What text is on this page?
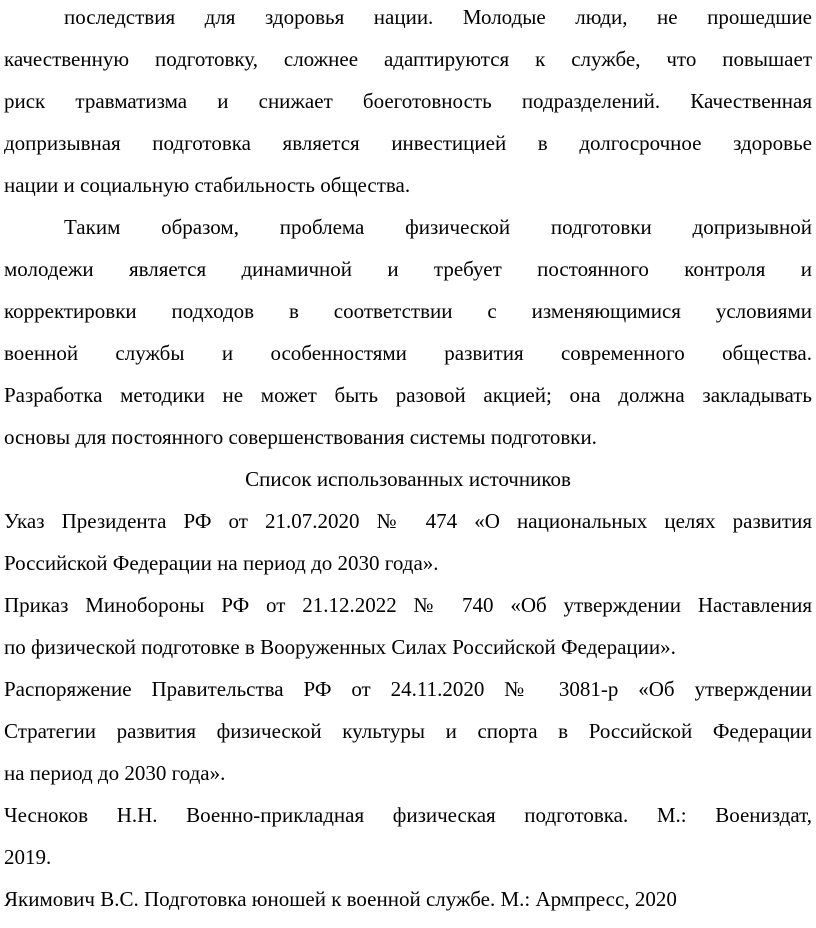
последствия для здоровья нации. Молодые люди, не прошедшие
качественную подготовку, сложнее адаптируются к службе, что повышает
риск травматизма и снижает боеготовность подразделений. Качественная
допризывная подготовка является инвестицией в долгосрочное здоровье
нации и социальную стабильность общества.
Таким образом, проблема физической подготовки допризывной
молодежи является динамичной и требует постоянного контроля и
корректировки подходов в соответствии с изменяющимися условиями
военной службы и особенностями развития современного общества.
Разработка методики не может быть разовой акцией; она должна закладывать
основы для постоянного совершенствования системы подготовки.
Список использованных источников
Указ Президента РФ от 21.07.2020 № 474 «О национальных целях развития
Российской Федерации на период до 2030 года».
Приказ Минобороны РФ от 21.12.2022 № 740 «Об утверждении Наставления
по физической подготовке в Вооруженных Силах Российской Федерации».
Распоряжение Правительства РФ от 24.11.2020 № 3081-р «Об утверждении
Стратегии развития физической культуры и спорта в Российской Федерации
на период до 2030 года».
Чесноков Н.Н. Военно-прикладная физическая подготовка. М.: Воениздат,
2019.
Якимович В.С. Подготовка юношей к военной службе. М.: Армпресс, 2020
